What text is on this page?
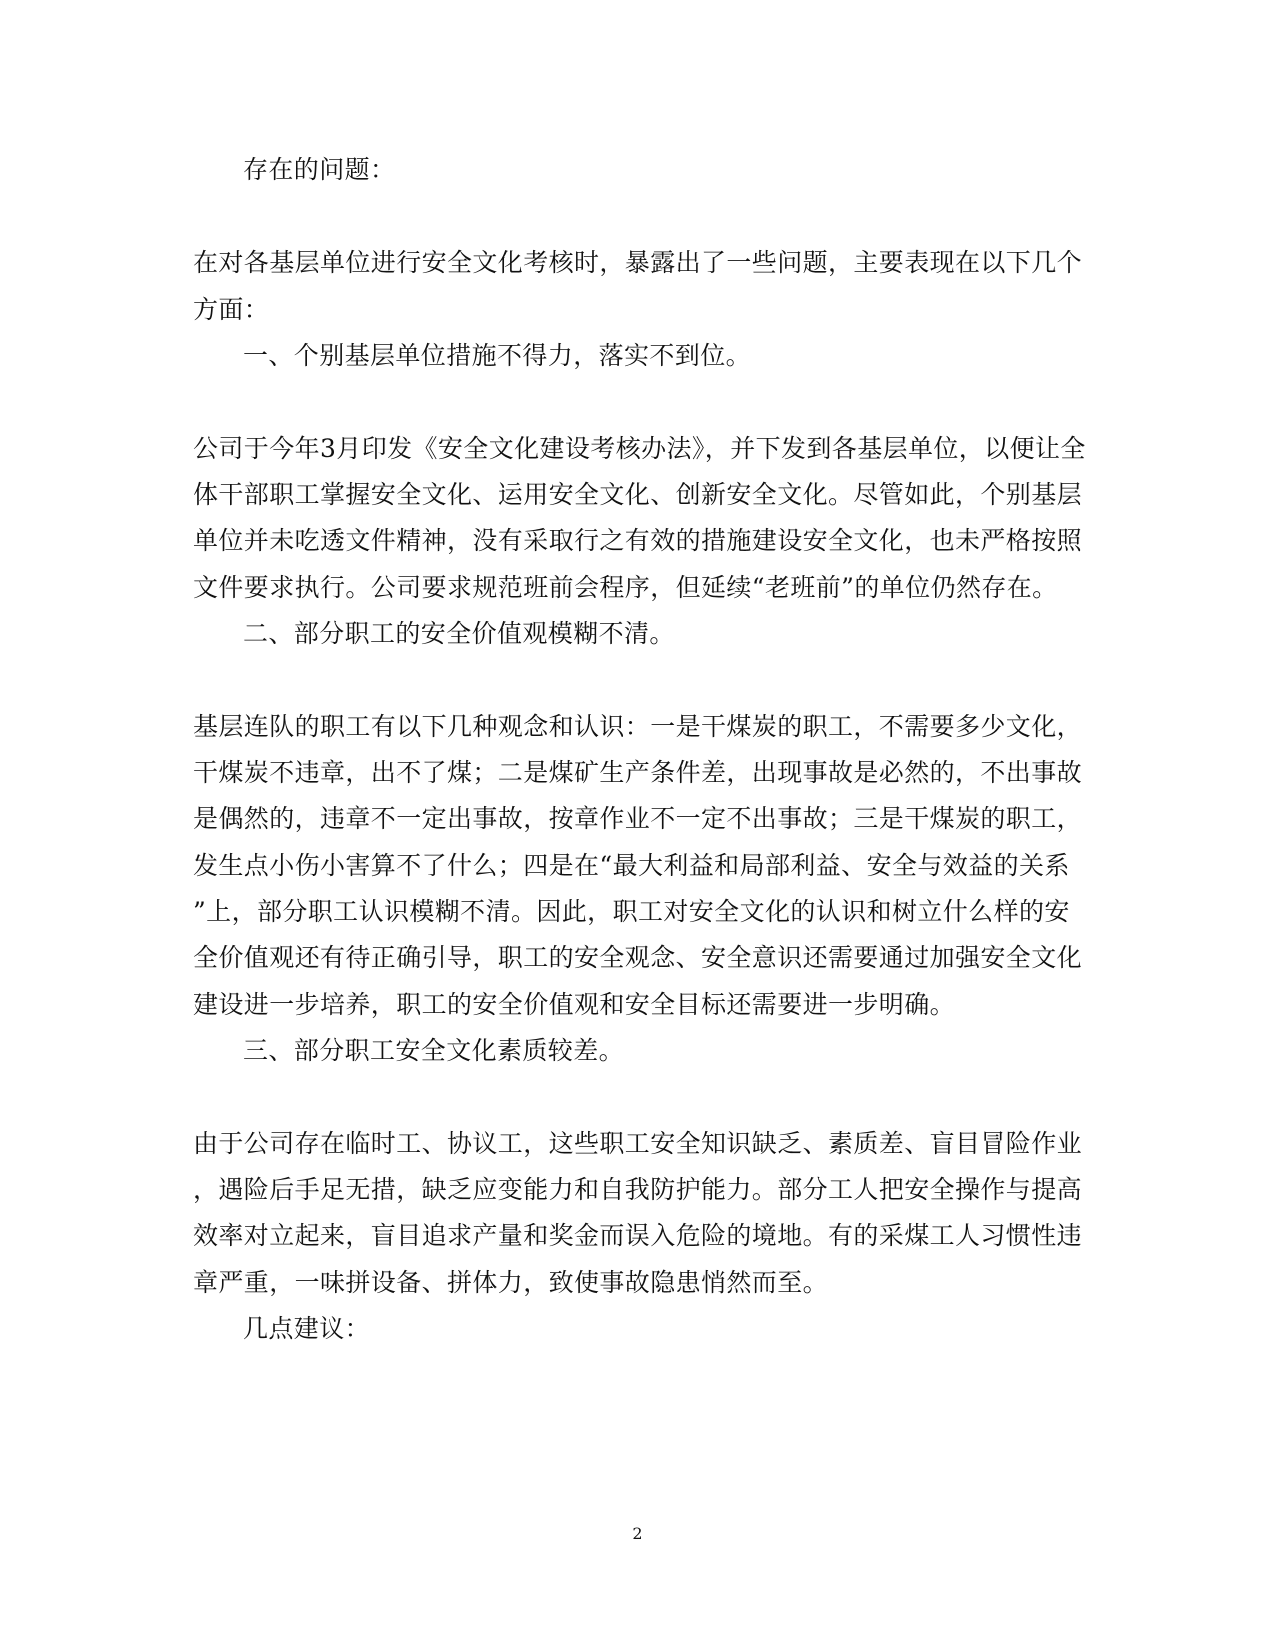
存在的问题：
在对各基层单位进行安全文化考核时，暴露出了一些问题，主要表现在以下几个
方面：
一、个别基层单位措施不得力，落实不到位。
公司于今年3月印发《安全文化建设考核办法》，并下发到各基层单位，以便让全
体干部职工掌握安全文化、运用安全文化、创新安全文化。尽管如此，个别基层
单位并未吃透文件精神，没有采取行之有效的措施建设安全文化，也未严格按照
文件要求执行。公司要求规范班前会程序，但延续“老班前”的单位仍然存在。
二、部分职工的安全价值观模糊不清。
基层连队的职工有以下几种观念和认识：一是干煤炭的职工，不需要多少文化，
干煤炭不违章，出不了煤；二是煤矿生产条件差，出现事故是必然的，不出事故
是偶然的，违章不一定出事故，按章作业不一定不出事故；三是干煤炭的职工，
发生点小伤小害算不了什么；四是在“最大利益和局部利益、安全与效益的关系
”上，部分职工认识模糊不清。因此，职工对安全文化的认识和树立什么样的安
全价值观还有待正确引导，职工的安全观念、安全意识还需要通过加强安全文化
建设进一步培养，职工的安全价值观和安全目标还需要进一步明确。
三、部分职工安全文化素质较差。
由于公司存在临时工、协议工，这些职工安全知识缺乏、素质差、盲目冒险作业
，遇险后手足无措，缺乏应变能力和自我防护能力。部分工人把安全操作与提高
效率对立起来，盲目追求产量和奖金而误入危险的境地。有的采煤工人习惯性违
章严重，一味拼设备、拼体力，致使事故隐患悄然而至。
几点建议：
2
